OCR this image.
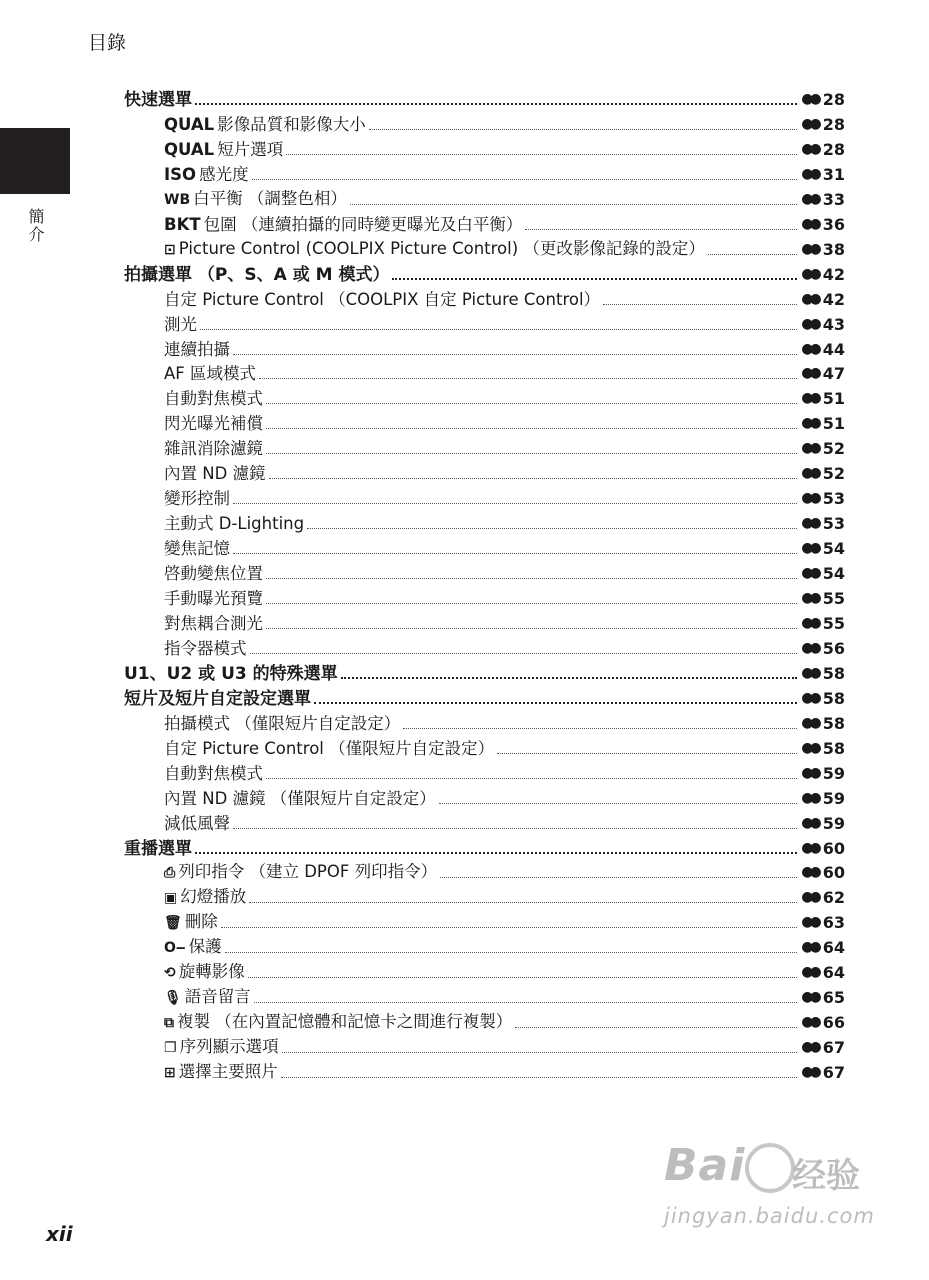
目錄
簡介
快速選單	●● 28
QUAL 影像品質和影像大小	●● 28
QUAL 短片選項	●● 28
ISO 感光度	●● 31
WB 白平衡 （調整色相）	●● 33
BKT 包圍 （連續拍攝的同時變更曝光及白平衡）	●● 36
⊡ Picture Control (COOLPIX Picture Control) （更改影像記錄的設定）	●● 38
拍攝選單 （P、S、A 或 M 模式）	●● 42
自定 Picture Control （COOLPIX 自定 Picture Control）	●● 42
測光	●● 43
連續拍攝	●● 44
AF 區域模式	●● 47
自動對焦模式	●● 51
閃光曝光補償	●● 51
雜訊消除濾鏡	●● 52
內置 ND 濾鏡	●● 52
變形控制	●● 53
主動式 D-Lighting	●● 53
變焦記憶	●● 54
啓動變焦位置	●● 54
手動曝光預覽	●● 55
對焦耦合測光	●● 55
指令器模式	●● 56
U1、U2 或 U3 的特殊選單	●● 58
短片及短片自定設定選單	●● 58
拍攝模式 （僅限短片自定設定）	●● 58
自定 Picture Control （僅限短片自定設定）	●● 58
自動對焦模式	●● 59
內置 ND 濾鏡 （僅限短片自定設定）	●● 59
減低風聲	●● 59
重播選單	●● 60
⎙ 列印指令 （建立 DPOF 列印指令）	●● 60
▣ 幻燈播放	●● 62
🗑 刪除	●● 63
O‒ 保護	●● 64
⟲ 旋轉影像	●● 64
🎙 語音留言	●● 65
⧉ 複製 （在內置記憶體和記憶卡之間進行複製）	●● 66
❐ 序列顯示選項	●● 67
⊞ 選擇主要照片	●● 67
xii
Bai	经验
jingyan.baidu.com
